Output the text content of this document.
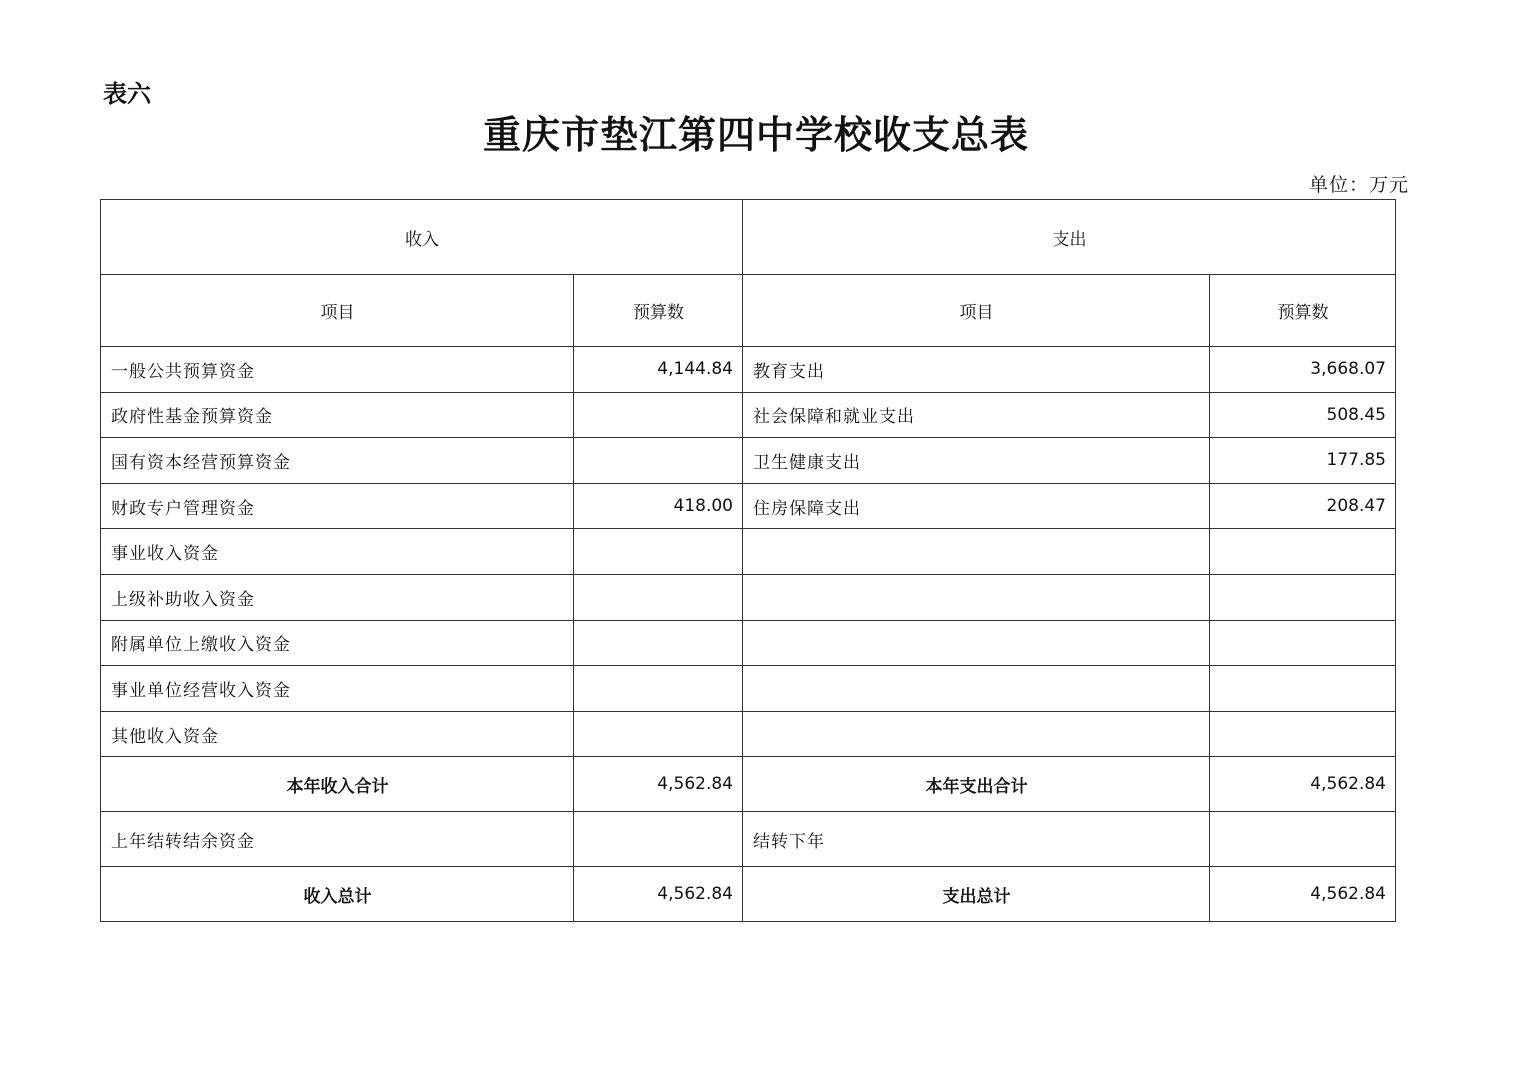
表六
重庆市垫江第四中学校收支总表
单位：万元
收入		支出	
项目	预算数	项目	预算数
一般公共预算资金	4,144.84	教育支出	3,668.07
政府性基金预算资金		社会保障和就业支出	508.45
国有资本经营预算资金		卫生健康支出	177.85
财政专户管理资金	418.00	住房保障支出	208.47
事业收入资金			
上级补助收入资金			
附属单位上缴收入资金			
事业单位经营收入资金			
其他收入资金			
本年收入合计	4,562.84	本年支出合计	4,562.84
上年结转结余资金		结转下年	
收入总计	4,562.84	支出总计	4,562.84
